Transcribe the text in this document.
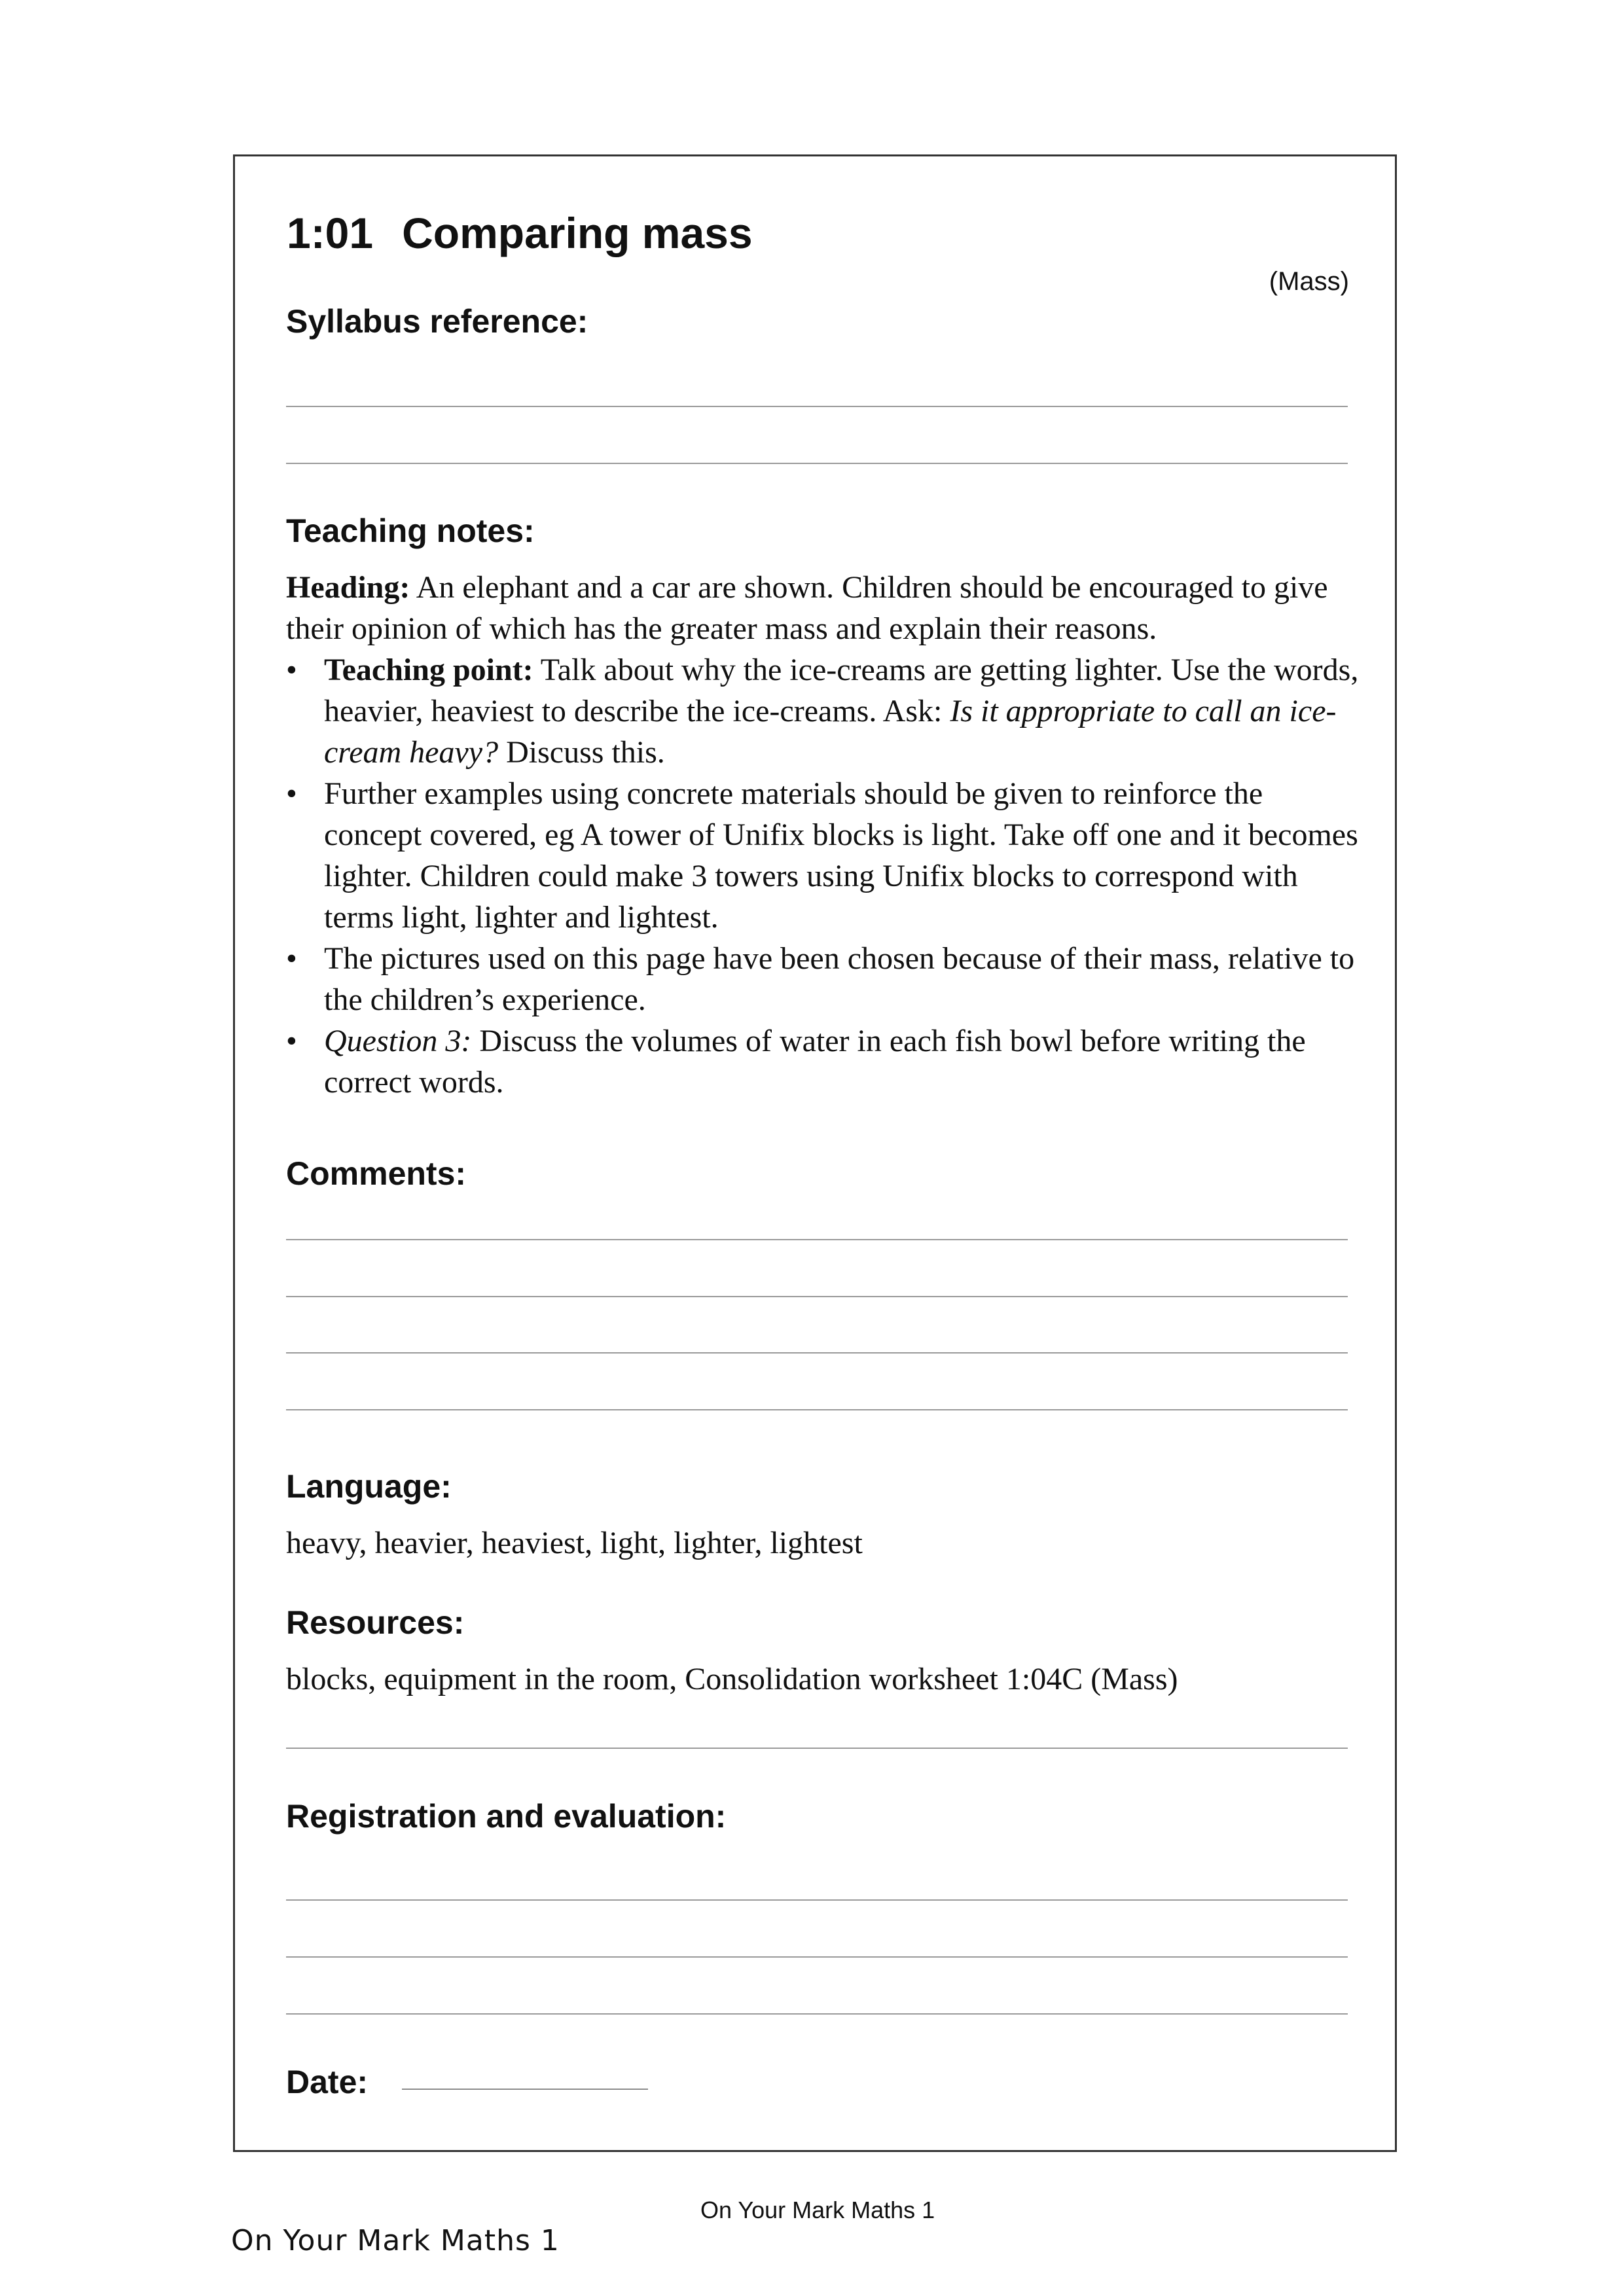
1:01 Comparing mass
(Mass)
Syllabus reference:
Teaching notes:
Heading: An elephant and a car are shown. Children should be encouraged to give their opinion of which has the greater mass and explain their reasons.
• Teaching point: Talk about why the ice-creams are getting lighter. Use the words, heavier, heaviest to describe the ice-creams. Ask: Is it appropriate to call an ice-cream heavy? Discuss this.
• Further examples using concrete materials should be given to reinforce the concept covered, eg A tower of Unifix blocks is light. Take off one and it becomes lighter. Children could make 3 towers using Unifix blocks to correspond with terms light, lighter and lightest.
• The pictures used on this page have been chosen because of their mass, relative to the children’s experience.
• Question 3: Discuss the volumes of water in each fish bowl before writing the correct words.
Comments:
Language:
heavy, heavier, heaviest, light, lighter, lightest
Resources:
blocks, equipment in the room, Consolidation worksheet 1:04C (Mass)
Registration and evaluation:
Date:
On Your Mark Maths 1
On Your Mark Maths 1
